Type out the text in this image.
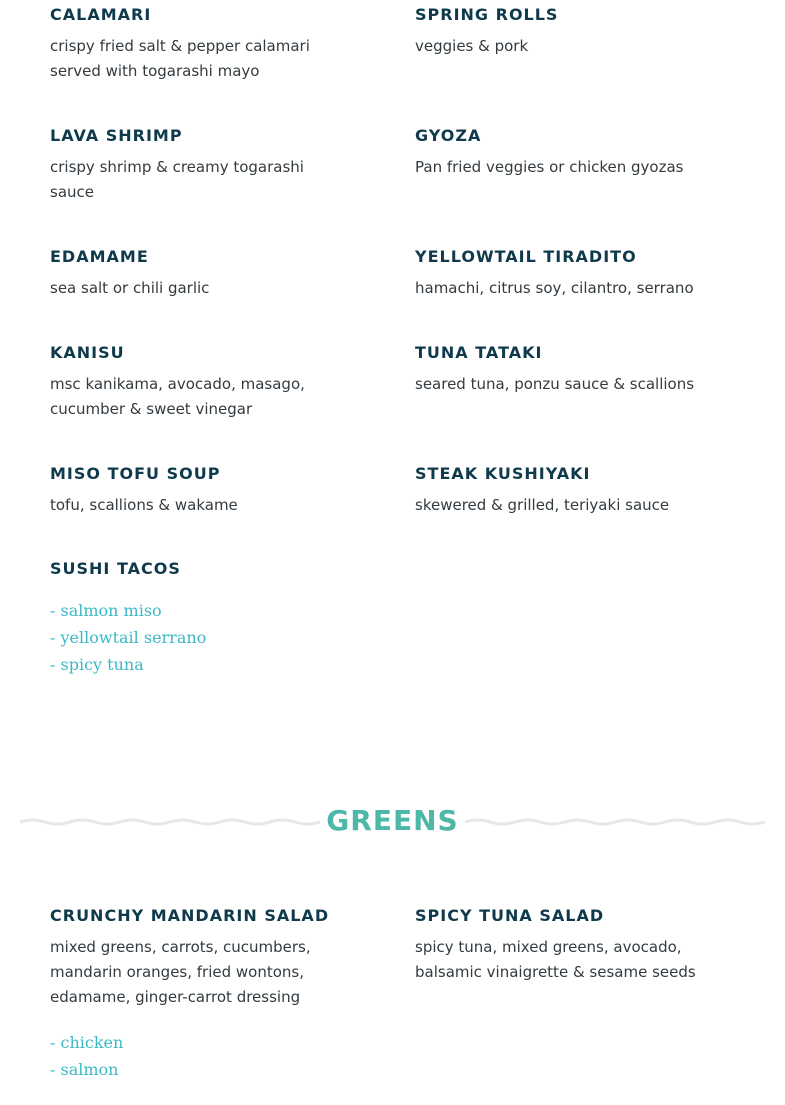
CALAMARI
crispy fried salt & pepper calamari served with togarashi mayo
LAVA SHRIMP
crispy shrimp & creamy togarashi sauce
EDAMAME
sea salt or chili garlic
KANISU
msc kanikama, avocado, masago, cucumber & sweet vinegar
MISO TOFU SOUP
tofu, scallions & wakame
SUSHI TACOS
- salmon miso
- yellowtail serrano
- spicy tuna
SPRING ROLLS
veggies & pork
GYOZA
Pan fried veggies or chicken gyozas
YELLOWTAIL TIRADITO
hamachi, citrus soy, cilantro, serrano
TUNA TATAKI
seared tuna, ponzu sauce & scallions
STEAK KUSHIYAKI
skewered & grilled, teriyaki sauce
GREENS
CRUNCHY MANDARIN SALAD
mixed greens, carrots, cucumbers, mandarin oranges, fried wontons, edamame, ginger-carrot dressing
- chicken
- salmon
SPICY TUNA SALAD
spicy tuna, mixed greens, avocado, balsamic vinaigrette & sesame seeds
